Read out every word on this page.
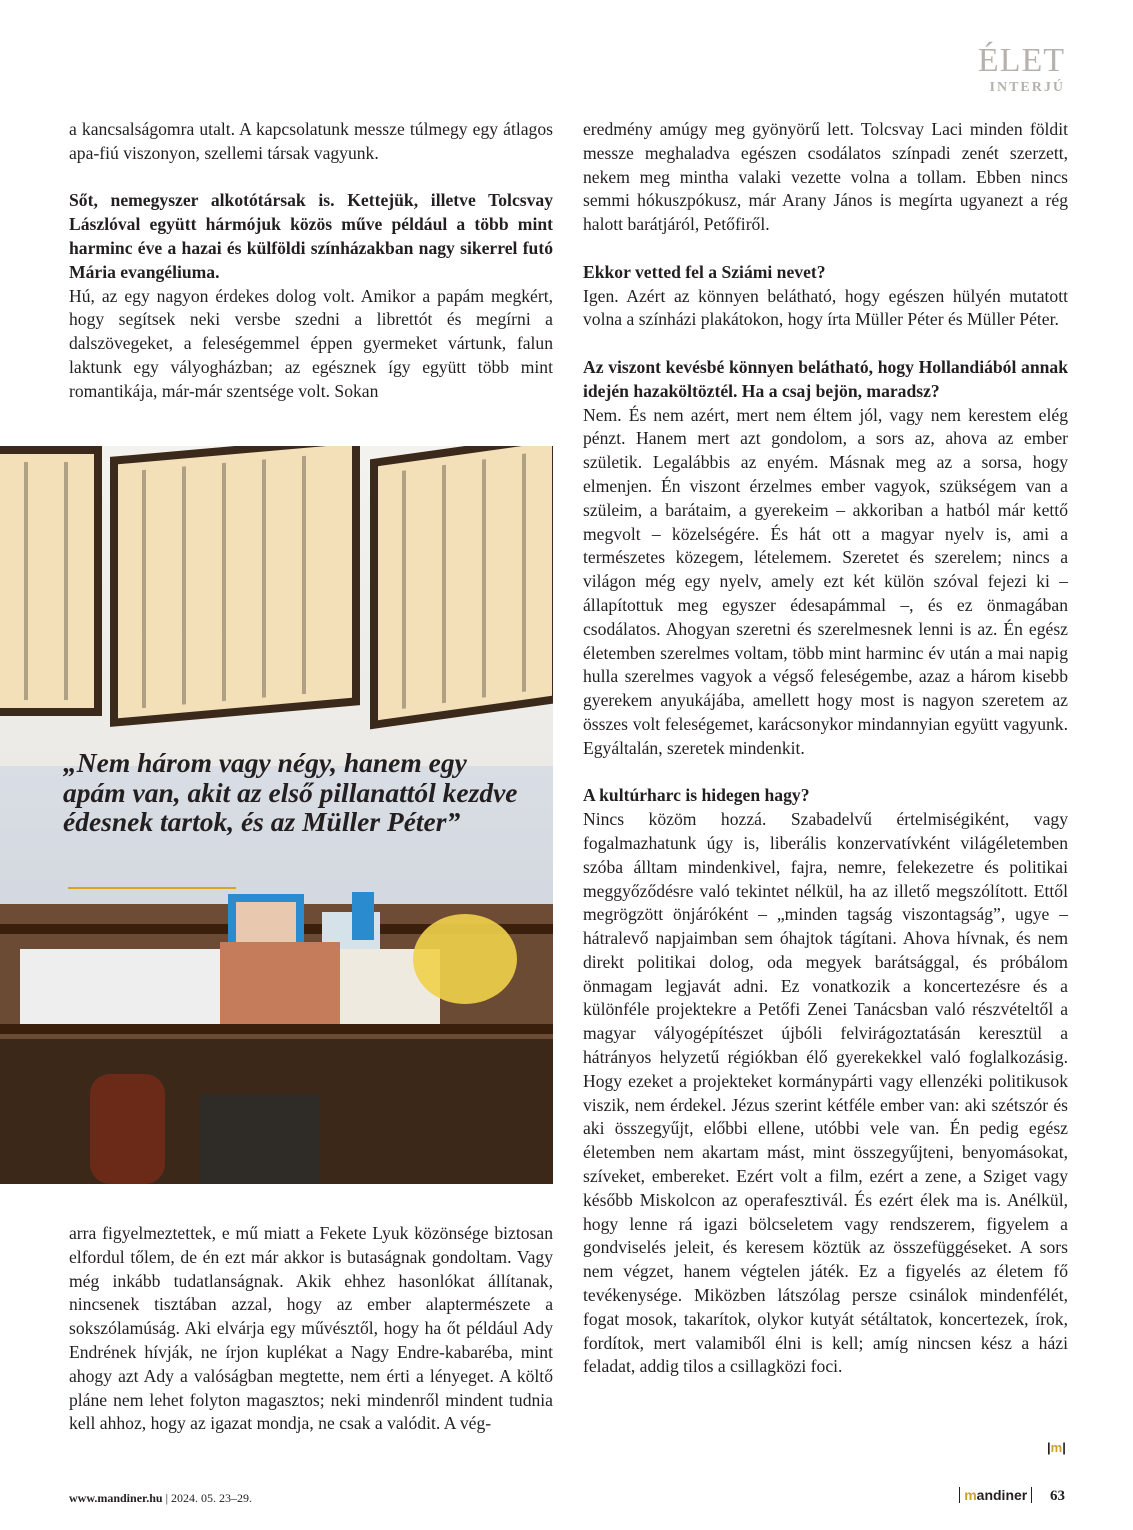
ÉLET
INTERJÚ

a kancsalságomra utalt. A kapcsolatunk messze túlmegy egy átlagos apa-fiú viszonyon, szellemi társak vagyunk.

Sőt, nemegyszer alkotótársak is. Kettejük, illetve Tolcsvay Lászlóval együtt hármójuk közös műve például a több mint harminc éve a hazai és külföldi színházakban nagy sikerrel futó Mária evangéliuma.

Hú, az egy nagyon érdekes dolog volt. Amikor a papám megkért, hogy segítsek neki versbe szedni a librettót és megírni a dalszövegeket, a feleségemmel éppen gyermeket vártunk, falun laktunk egy vályogházban; az egésznek így együtt több mint romantikája, már-már szentsége volt. Sokan

„Nem három vagy négy, hanem egy apám van, akit az első pillanattól kezdve édesnek tartok, és az Müller Péter”

arra figyelmeztettek, e mű miatt a Fekete Lyuk közönsége biztosan elfordul tőlem, de én ezt már akkor is butaságnak gondoltam. Vagy még inkább tudatlanságnak. Akik ehhez hasonlókat állítanak, nincsenek tisztában azzal, hogy az ember alaptermészete a sokszólamúság. Aki elvárja egy művésztől, hogy ha őt például Ady Endrének hívják, ne írjon kuplékat a Nagy Endre-kabaréba, mint ahogy azt Ady a valóságban megtette, nem érti a lényeget. A költő pláne nem lehet folyton magasztos; neki mindenről mindent tudnia kell ahhoz, hogy az igazat mondja, ne csak a valódit. A vég-

eredmény amúgy meg gyönyörű lett. Tolcsvay Laci minden földit messze meghaladva egészen csodálatos színpadi zenét szerzett, nekem meg mintha valaki vezette volna a tollam. Ebben nincs semmi hókuszpókusz, már Arany János is megírta ugyanezt a rég halott barátjáról, Petőfiről.

Ekkor vetted fel a Sziámi nevet?

Igen. Azért az könnyen belátható, hogy egészen hülyén mutatott volna a színházi plakátokon, hogy írta Müller Péter és Müller Péter.

Az viszont kevésbé könnyen belátható, hogy Hollandiából annak idején hazaköltöztél. Ha a csaj bejön, maradsz?

Nem. És nem azért, mert nem éltem jól, vagy nem kerestem elég pénzt. Hanem mert azt gondolom, a sors az, ahova az ember születik. Legalábbis az enyém. Másnak meg az a sorsa, hogy elmenjen. Én viszont érzelmes ember vagyok, szükségem van a szüleim, a barátaim, a gyerekeim – akkoriban a hatból már kettő megvolt – közelségére. És hát ott a magyar nyelv is, ami a természetes közegem, lételemem. Szeretet és szerelem; nincs a világon még egy nyelv, amely ezt két külön szóval fejezi ki – állapítottuk meg egyszer édesapámmal –, és ez önmagában csodálatos. Ahogyan szeretni és szerelmesnek lenni is az. Én egész életemben szerelmes voltam, több mint harminc év után a mai napig hulla szerelmes vagyok a végső feleségembe, azaz a három kisebb gyerekem anyukájába, amellett hogy most is nagyon szeretem az összes volt feleségemet, karácsonykor mindannyian együtt vagyunk. Egyáltalán, szeretek mindenkit.

A kultúrharc is hidegen hagy?

Nincs közöm hozzá. Szabadelvű értelmiségiként, vagy fogalmazhatunk úgy is, liberális konzervatívként világéletemben szóba álltam mindenkivel, fajra, nemre, felekezetre és politikai meggyőződésre való tekintet nélkül, ha az illető megszólított. Ettől megrögzött önjáróként – „minden tagság viszontagság”, ugye – hátralevő napjaimban sem óhajtok tágítani. Ahova hívnak, és nem direkt politikai dolog, oda megyek barátsággal, és próbálom önmagam legjavát adni. Ez vonatkozik a koncertezésre és a különféle projektekre a Petőfi Zenei Tanácsban való részvételtől a magyar vályogépítészet újbóli felvirágoztatásán keresztül a hátrányos helyzetű régiókban élő gyerekekkel való foglalkozásig. Hogy ezeket a projekteket kormánypárti vagy ellenzéki politikusok viszik, nem érdekel. Jézus szerint kétféle ember van: aki szétszór és aki összegyűjt, előbbi ellene, utóbbi vele van. Én pedig egész életemben nem akartam mást, mint összegyűjteni, benyomásokat, szíveket, embereket. Ezért volt a film, ezért a zene, a Sziget vagy később Miskolcon az operafesztivál. És ezért élek ma is. Anélkül, hogy lenne rá igazi bölcseletem vagy rendszerem, figyelem a gondviselés jeleit, és keresem köztük az összefüggéseket. A sors nem végzet, hanem végtelen játék. Ez a figyelés az életem fő tevékenysége. Miközben látszólag persze csinálok mindenfélét, fogat mosok, takarítok, olykor kutyát sétáltatok, koncertezek, írok, fordítok, mert valamiből élni is kell; amíg nincsen kész a házi feladat, addig tilos a csillagközi foci.

|m|
www.mandiner.hu | 2024. 05. 23–29.	mandiner 63
